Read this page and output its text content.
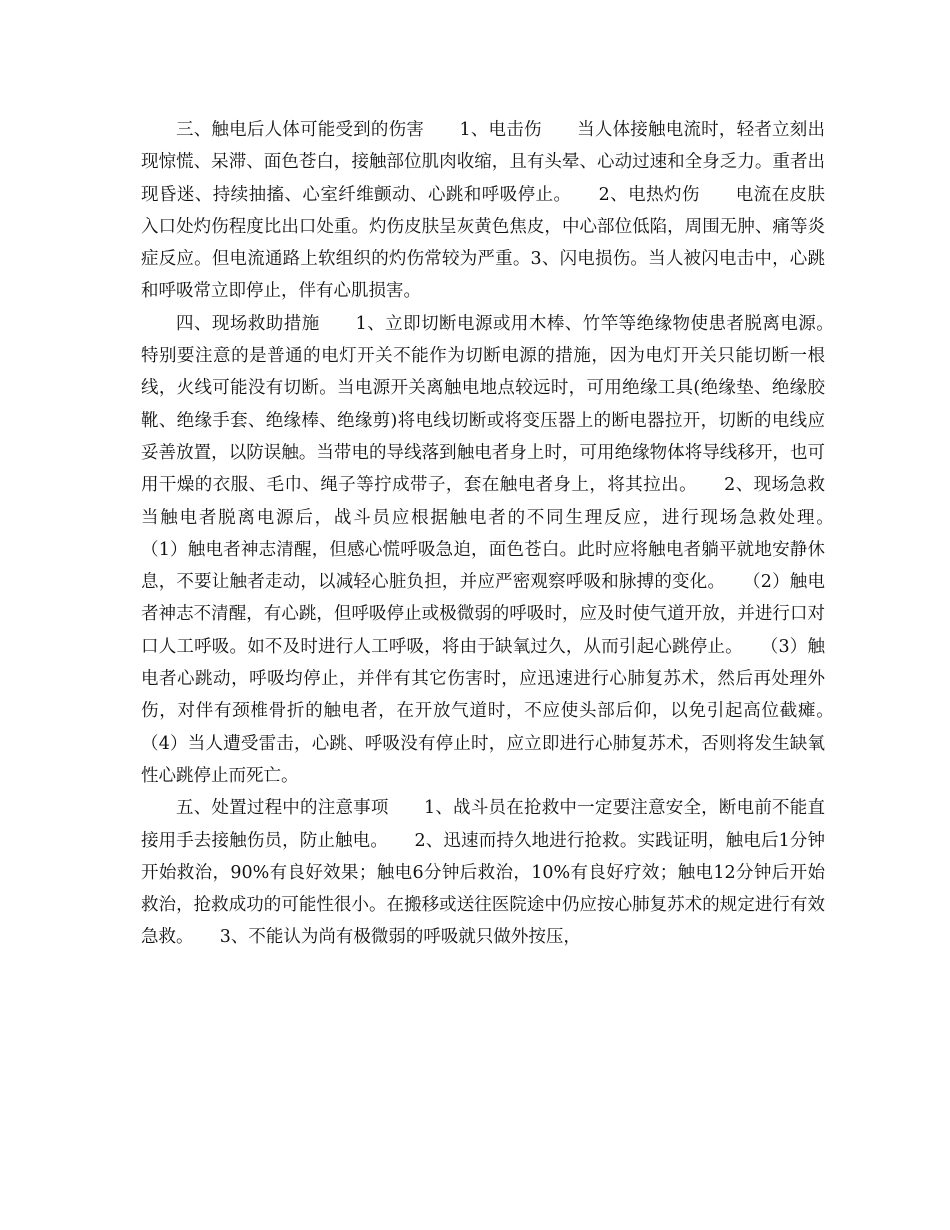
三、触电后人体可能受到的伤害　　1、电击伤　　当人体接触电流时，轻者立刻出现惊慌、呆滞、面色苍白，接触部位肌肉收缩，且有头晕、心动过速和全身乏力。重者出现昏迷、持续抽搐、心室纤维颤动、心跳和呼吸停止。　　2、电热灼伤　　电流在皮肤入口处灼伤程度比出口处重。灼伤皮肤呈灰黄色焦皮，中心部位低陷，周围无肿、痛等炎症反应。但电流通路上软组织的灼伤常较为严重。3、闪电损伤。当人被闪电击中，心跳和呼吸常立即停止，伴有心肌损害。

四、现场救助措施　　1、立即切断电源或用木棒、竹竿等绝缘物使患者脱离电源。　　特别要注意的是普通的电灯开关不能作为切断电源的措施，因为电灯开关只能切断一根线，火线可能没有切断。当电源开关离触电地点较远时，可用绝缘工具(绝缘垫、绝缘胶靴、绝缘手套、绝缘棒、绝缘剪)将电线切断或将变压器上的断电器拉开，切断的电线应妥善放置，以防误触。当带电的导线落到触电者身上时，可用绝缘物体将导线移开，也可用干燥的衣服、毛巾、绳子等拧成带子，套在触电者身上，将其拉出。　　2、现场急救　　当触电者脱离电源后，战斗员应根据触电者的不同生理反应，进行现场急救处理。　　（1）触电者神志清醒，但感心慌呼吸急迫，面色苍白。此时应将触电者躺平就地安静休息，不要让触者走动，以减轻心脏负担，并应严密观察呼吸和脉搏的变化。　　（2）触电者神志不清醒，有心跳，但呼吸停止或极微弱的呼吸时，应及时使气道开放，并进行口对口人工呼吸。如不及时进行人工呼吸，将由于缺氧过久，从而引起心跳停止。　　（3）触电者心跳动，呼吸均停止，并伴有其它伤害时，应迅速进行心肺复苏术，然后再处理外伤，对伴有颈椎骨折的触电者，在开放气道时，不应使头部后仰，以免引起高位截瘫。　　（4）当人遭受雷击，心跳、呼吸没有停止时，应立即进行心肺复苏术，否则将发生缺氧性心跳停止而死亡。

五、处置过程中的注意事项　　1、战斗员在抢救中一定要注意安全，断电前不能直接用手去接触伤员，防止触电。　　2、迅速而持久地进行抢救。实践证明，触电后1分钟开始救治，90%有良好效果；触电6分钟后救治，10%有良好疗效；触电12分钟后开始救治，抢救成功的可能性很小。在搬移或送往医院途中仍应按心肺复苏术的规定进行有效急救。　　3、不能认为尚有极微弱的呼吸就只做外按压，
